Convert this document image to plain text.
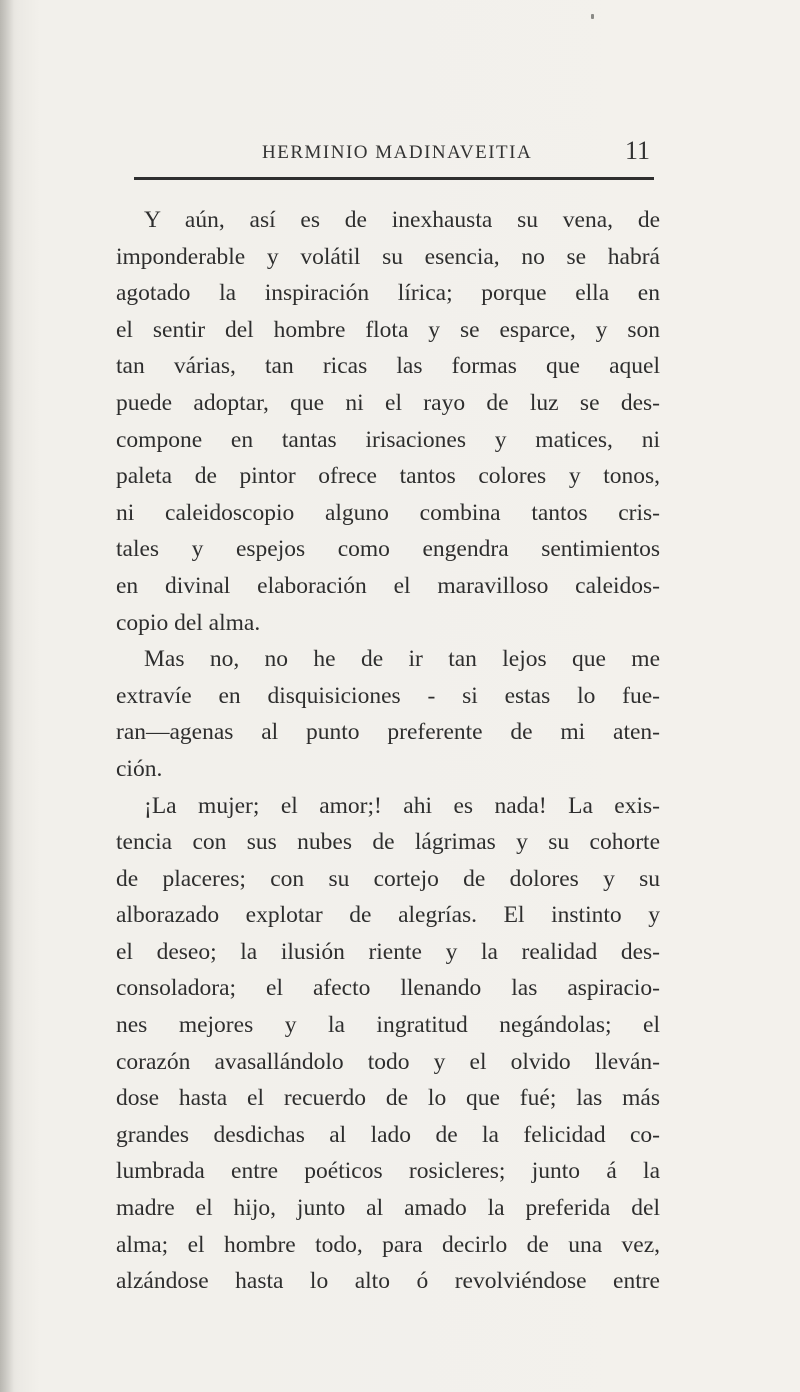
HERMINIO MADINAVEITIA	11
Y aún, así es de inexhausta su vena, de
imponderable y volátil su esencia, no se habrá
agotado la inspiración lírica; porque ella en
el sentir del hombre flota y se esparce, y son
tan várias, tan ricas las formas que aquel
puede adoptar, que ni el rayo de luz se des-
compone en tantas irisaciones y matices, ni
paleta de pintor ofrece tantos colores y tonos,
ni caleidoscopio alguno combina tantos cris-
tales y espejos como engendra sentimientos
en divinal elaboración el maravilloso caleidos-
copio del alma.
Mas no, no he de ir tan lejos que me
extravíe en disquisiciones - si estas lo fue-
ran—agenas al punto preferente de mi aten-
ción.
¡La mujer; el amor;! ahi es nada! La exis-
tencia con sus nubes de lágrimas y su cohorte
de placeres; con su cortejo de dolores y su
alborazado explotar de alegrías. El instinto y
el deseo; la ilusión riente y la realidad des-
consoladora; el afecto llenando las aspiracio-
nes mejores y la ingratitud negándolas; el
corazón avasallándolo todo y el olvido lleván-
dose hasta el recuerdo de lo que fué; las más
grandes desdichas al lado de la felicidad co-
lumbrada entre poéticos rosicleres; junto á la
madre el hijo, junto al amado la preferida del
alma; el hombre todo, para decirlo de una vez,
alzándose hasta lo alto ó revolviéndose entre
